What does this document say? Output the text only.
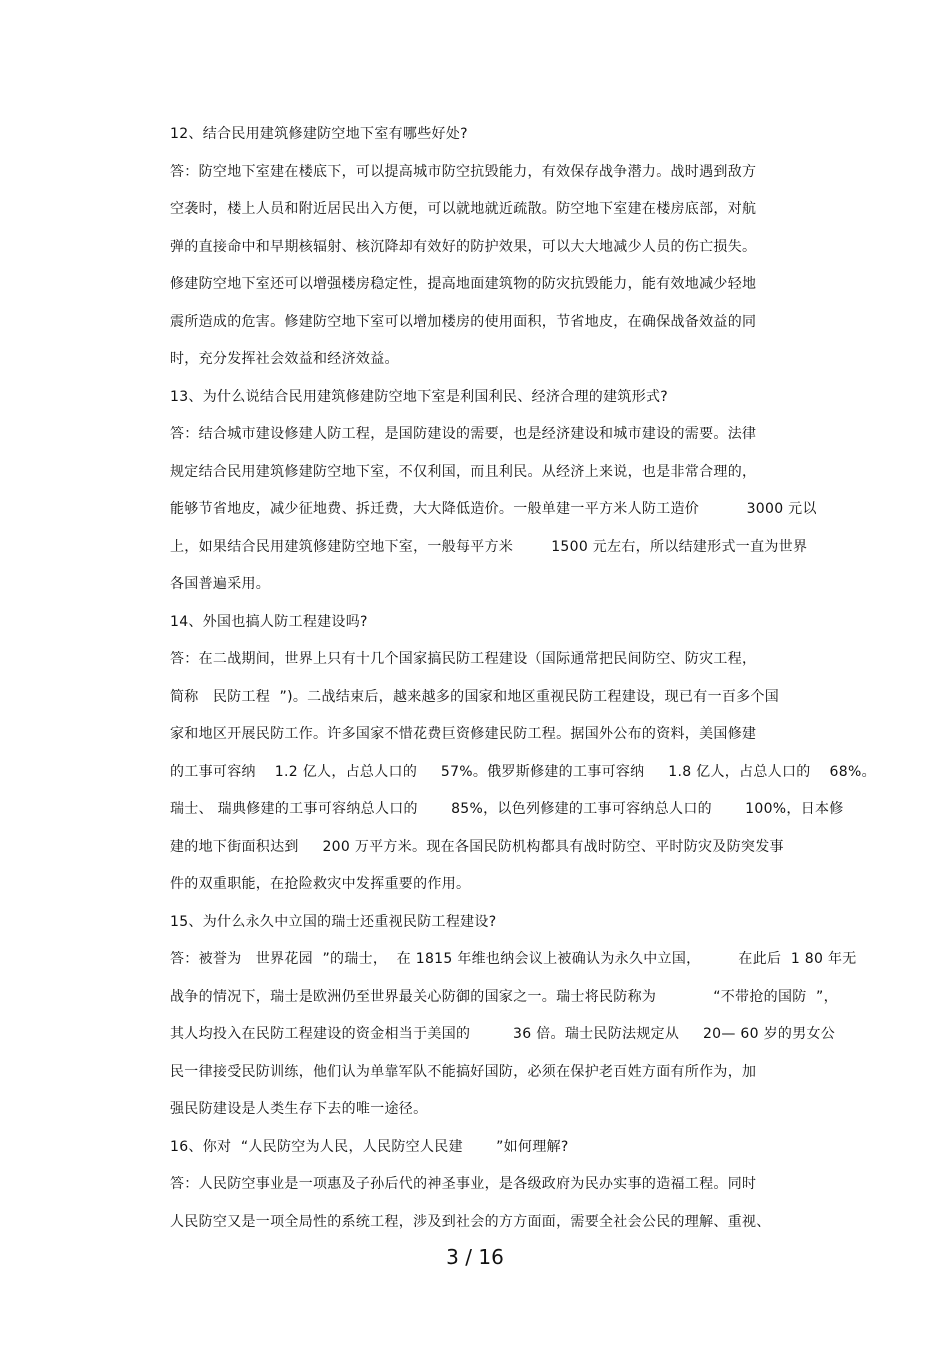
12、结合民用建筑修建防空地下室有哪些好处?
答：防空地下室建在楼底下，可以提高城市防空抗毁能力，有效保存战争潜力。战时遇到敌方
空袭时，楼上人员和附近居民出入方便，可以就地就近疏散。防空地下室建在楼房底部，对航
弹的直接命中和早期核辐射、核沉降却有效好的防护效果，可以大大地减少人员的伤亡损失。
修建防空地下室还可以增强楼房稳定性，提高地面建筑物的防灾抗毁能力，能有效地减少轻地
震所造成的危害。修建防空地下室可以增加楼房的使用面积，节省地皮，在确保战备效益的同
时，充分发挥社会效益和经济效益。
13、为什么说结合民用建筑修建防空地下室是利国利民、经济合理的建筑形式?
答：结合城市建设修建人防工程，是国防建设的需要，也是经济建设和城市建设的需要。法律
规定结合民用建筑修建防空地下室，不仅利国，而且利民。从经济上来说，也是非常合理的，
能够节省地皮，减少征地费、拆迁费，大大降低造价。一般单建一平方米人防工造价          3000 元以
上，如果结合民用建筑修建防空地下室，一般每平方米        1500 元左右，所以结建形式一直为世界
各国普遍采用。
14、外国也搞人防工程建设吗?
答：在二战期间，世界上只有十几个国家搞民防工程建设（国际通常把民间防空、防灾工程，
简称   民防工程  ”)。二战结束后，越来越多的国家和地区重视民防工程建设，现已有一百多个国
家和地区开展民防工作。许多国家不惜花费巨资修建民防工程。据国外公布的资料，美国修建
的工事可容纳    1.2 亿人，占总人口的     57%。俄罗斯修建的工事可容纳     1.8 亿人，占总人口的    68%。
瑞士、 瑞典修建的工事可容纳总人口的       85%，以色列修建的工事可容纳总人口的       100%，日本修
建的地下街面积达到     200 万平方米。现在各国民防机构都具有战时防空、平时防灾及防突发事
件的双重职能，在抢险救灾中发挥重要的作用。
15、为什么永久中立国的瑞士还重视民防工程建设?
答：被誉为   世界花园  ”的瑞士，  在 1815 年维也纳会议上被确认为永久中立国，        在此后  1 80 年无
战争的情况下，瑞士是欧洲仍至世界最关心防御的国家之一。瑞士将民防称为            “不带抢的国防  ”，
其人均投入在民防工程建设的资金相当于美国的         36 倍。瑞士民防法规定从     20— 60 岁的男女公
民一律接受民防训练，他们认为单靠军队不能搞好国防，必须在保护老百姓方面有所作为，加
强民防建设是人类生存下去的唯一途径。
16、你对  “人民防空为人民，人民防空人民建       ”如何理解?
答：人民防空事业是一项惠及子孙后代的神圣事业，是各级政府为民办实事的造福工程。同时
人民防空又是一项全局性的系统工程，涉及到社会的方方面面，需要全社会公民的理解、重视、
3 / 16
